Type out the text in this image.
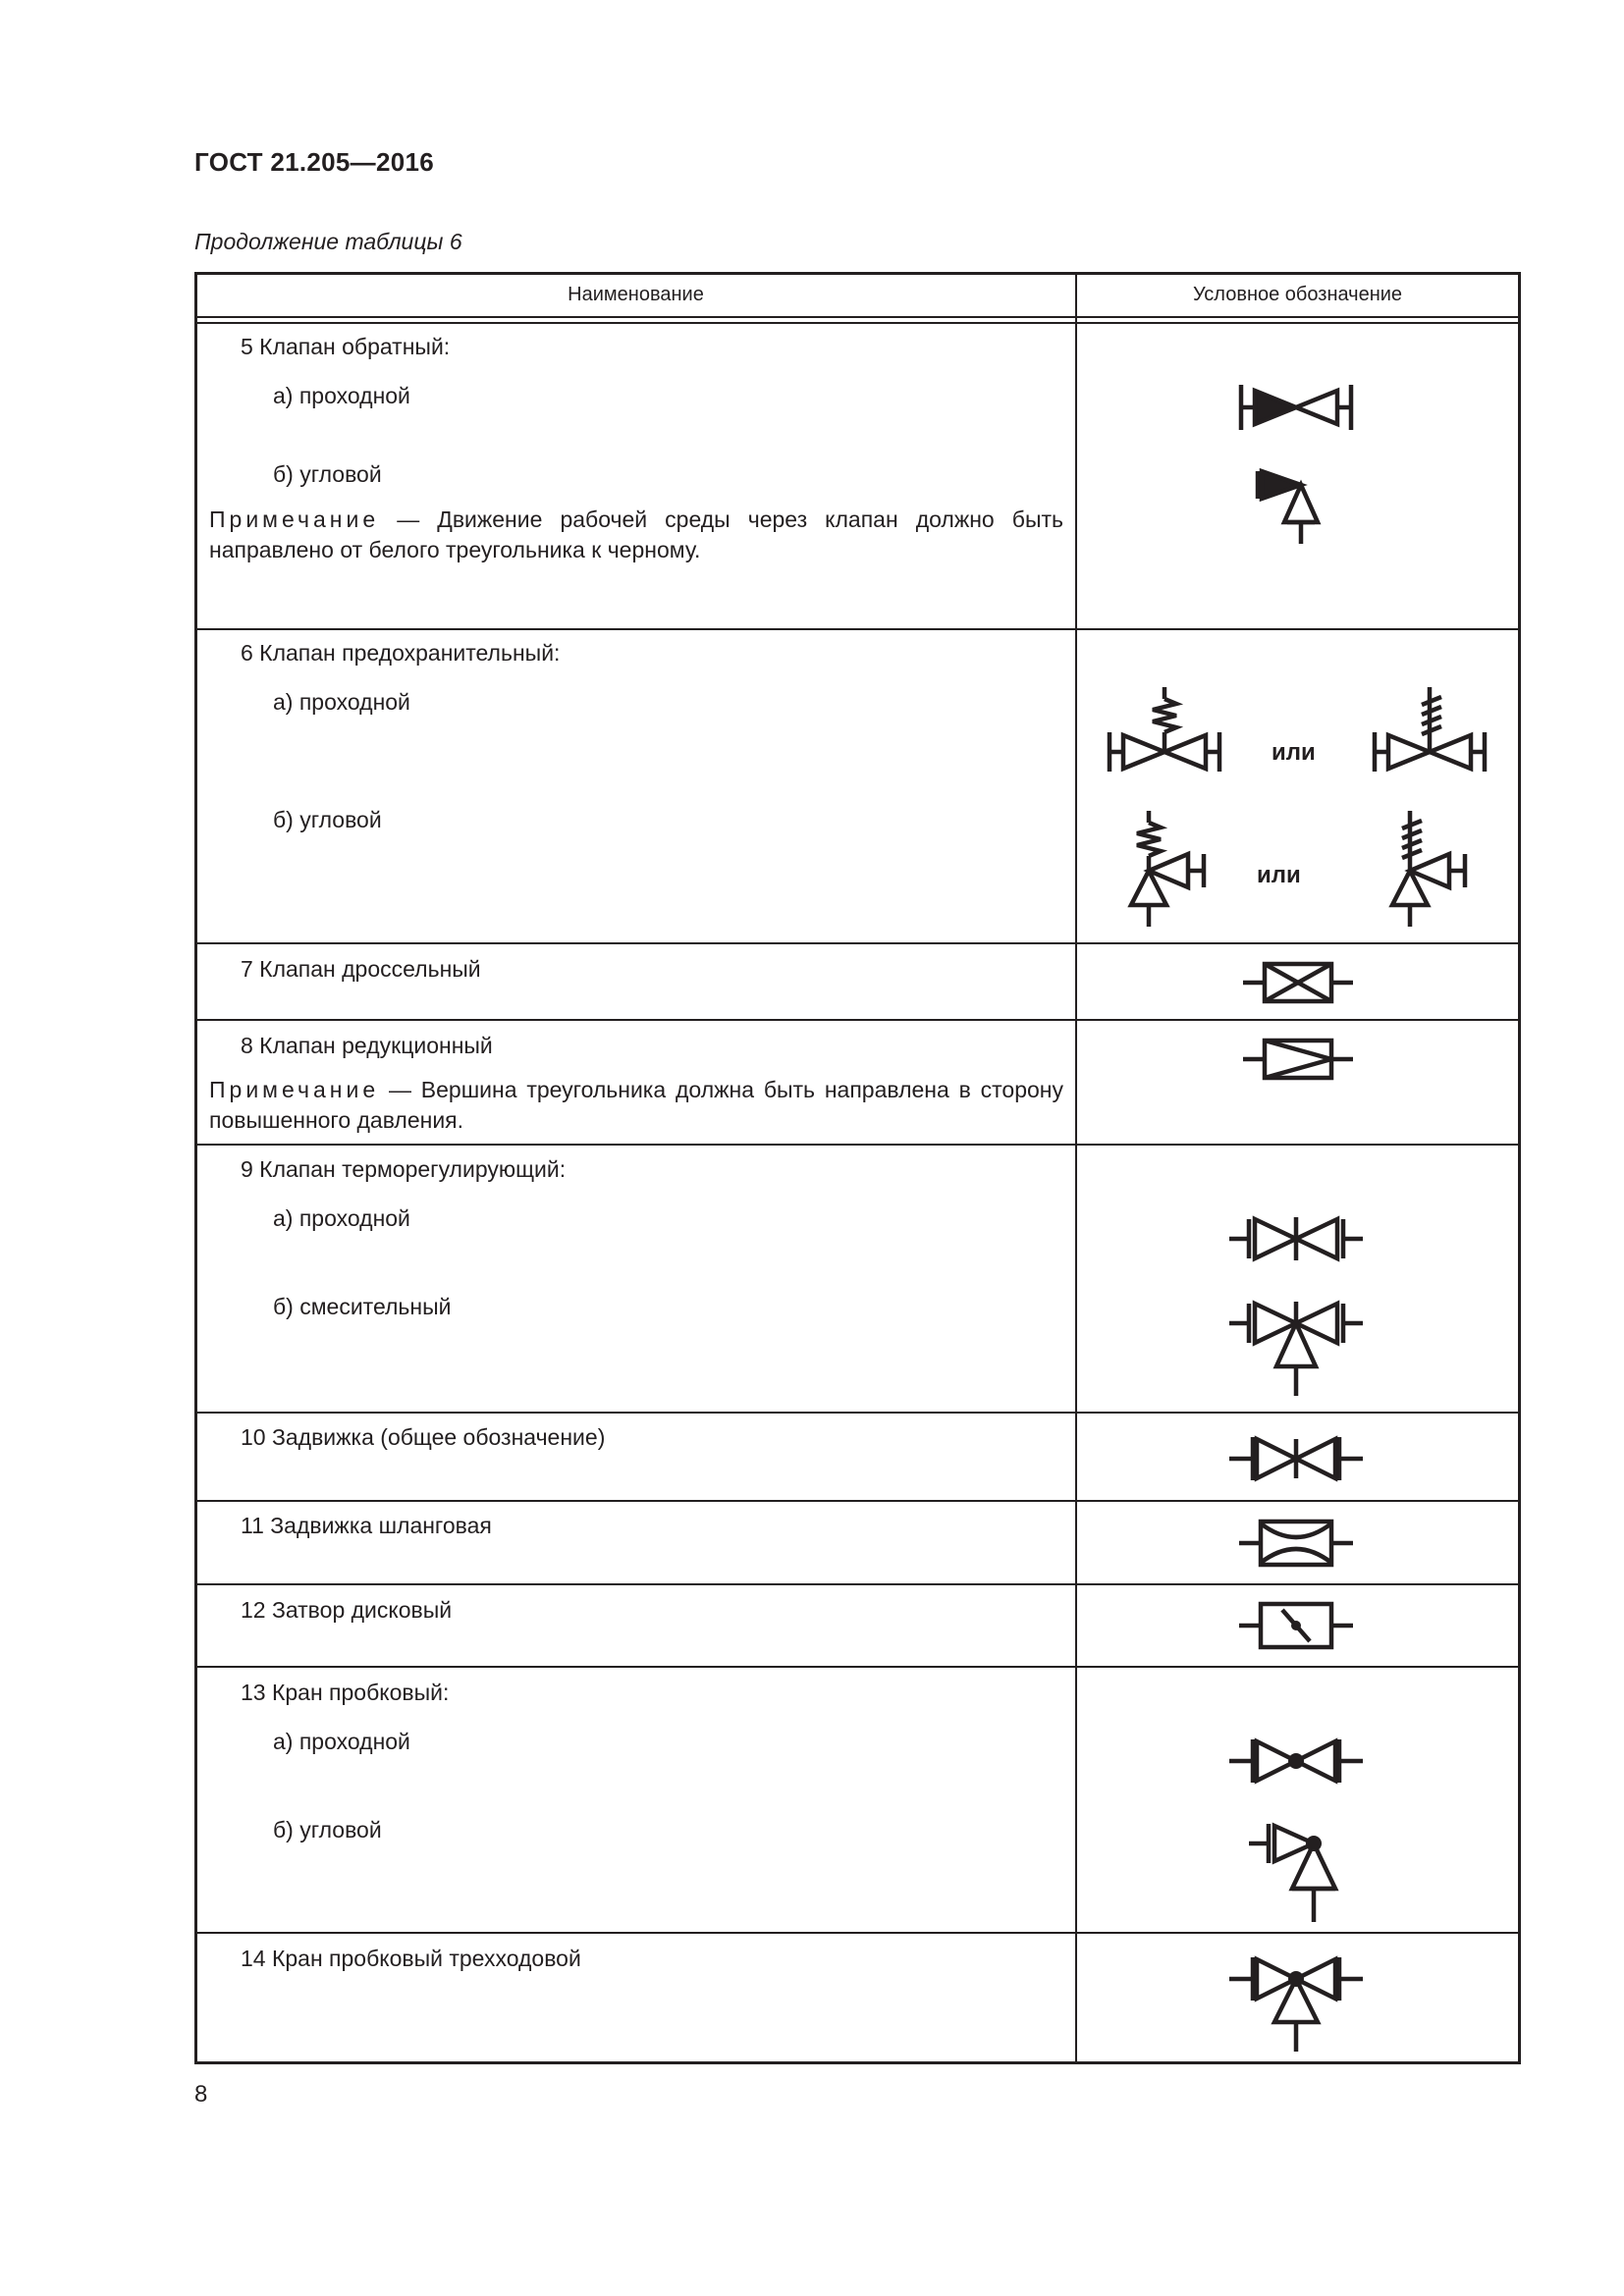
ГОСТ 21.205—2016
Продолжение таблицы 6
Наименование	Условное обозначение
5 Клапан обратный:
а) проходной
б) угловой
Примечание — Движение рабочей среды через клапан должно быть направлено от белого треугольника к черному.
6 Клапан предохранительный:
а) проходной
б) угловой
или
или
7 Клапан дроссельный
8 Клапан редукционный
Примечание — Вершина треугольника должна быть направлена в сторону повышенного давления.
9 Клапан терморегулирующий:
а) проходной
б) смесительный
10 Задвижка (общее обозначение)
11 Задвижка шланговая
12 Затвор дисковый
13 Кран пробковый:
а) проходной
б) угловой
14 Кран пробковый трехходовой
8
